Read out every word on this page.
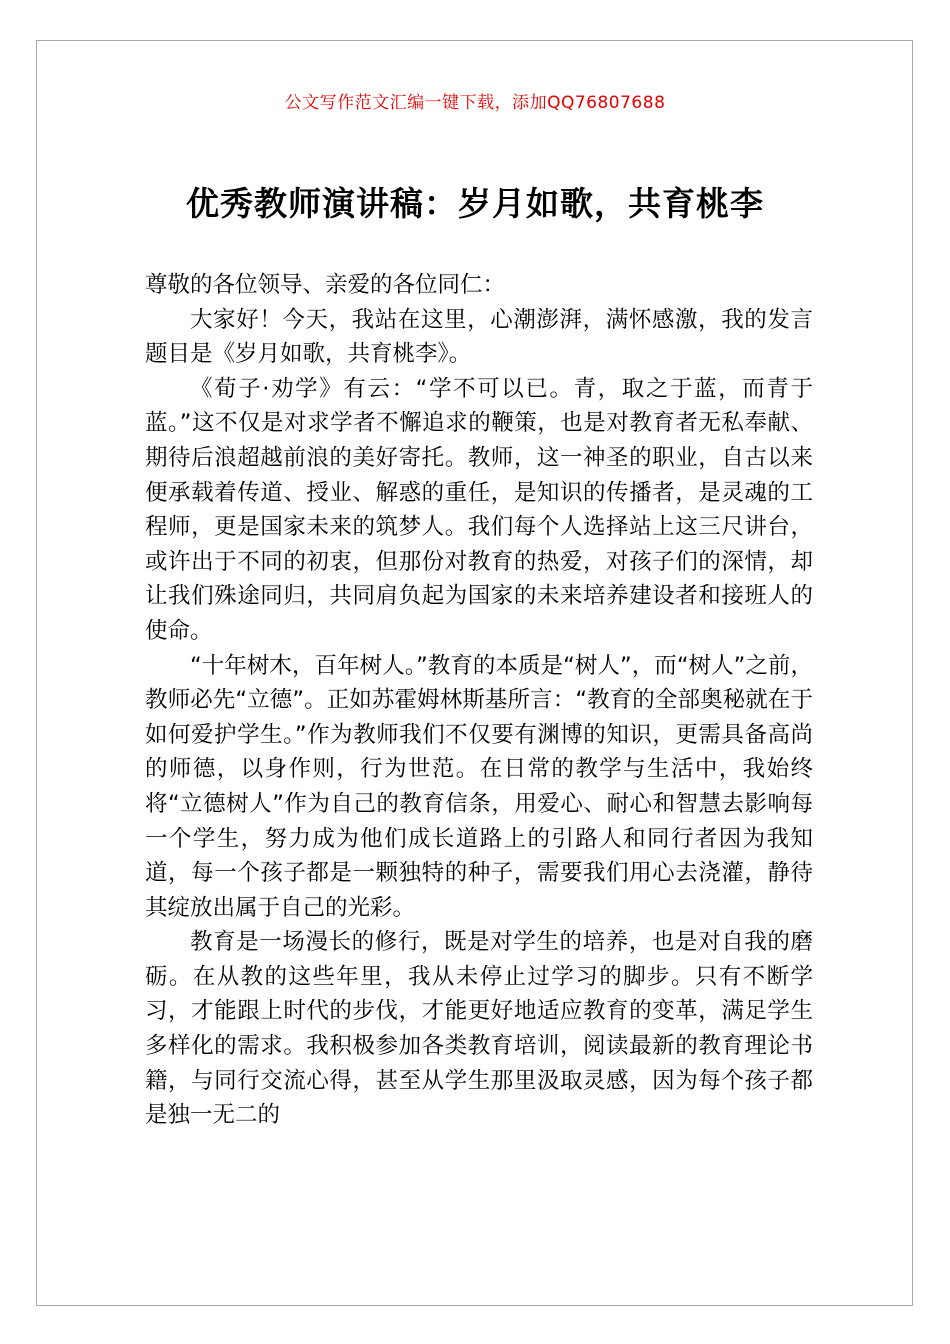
公文写作范文汇编一键下载，添加QQ76807688
优秀教师演讲稿：岁月如歌，共育桃李

尊敬的各位领导、亲爱的各位同仁：

大家好！今天，我站在这里，心潮澎湃，满怀感激，我的发言题目是《岁月如歌，共育桃李》。

《荀子·劝学》有云：“学不可以已。青，取之于蓝，而青于蓝。”这不仅是对求学者不懈追求的鞭策，也是对教育者无私奉献、期待后浪超越前浪的美好寄托。教师，这一神圣的职业，自古以来便承载着传道、授业、解惑的重任，是知识的传播者，是灵魂的工程师，更是国家未来的筑梦人。我们每个人选择站上这三尺讲台，或许出于不同的初衷，但那份对教育的热爱，对孩子们的深情，却让我们殊途同归，共同肩负起为国家的未来培养建设者和接班人的使命。

“十年树木，百年树人。”教育的本质是“树人”，而“树人”之前，教师必先“立德”。正如苏霍姆林斯基所言：“教育的全部奥秘就在于如何爱护学生。”作为教师我们不仅要有渊博的知识，更需具备高尚的师德，以身作则，行为世范。在日常的教学与生活中，我始终将“立德树人”作为自己的教育信条，用爱心、耐心和智慧去影响每一个学生，努力成为他们成长道路上的引路人和同行者因为我知道，每一个孩子都是一颗独特的种子，需要我们用心去浇灌，静待其绽放出属于自己的光彩。

教育是一场漫长的修行，既是对学生的培养，也是对自我的磨砺。在从教的这些年里，我从未停止过学习的脚步。只有不断学习，才能跟上时代的步伐，才能更好地适应教育的变革，满足学生多样化的需求。我积极参加各类教育培训，阅读最新的教育理论书籍，与同行交流心得，甚至从学生那里汲取灵感，因为每个孩子都是独一无二的
